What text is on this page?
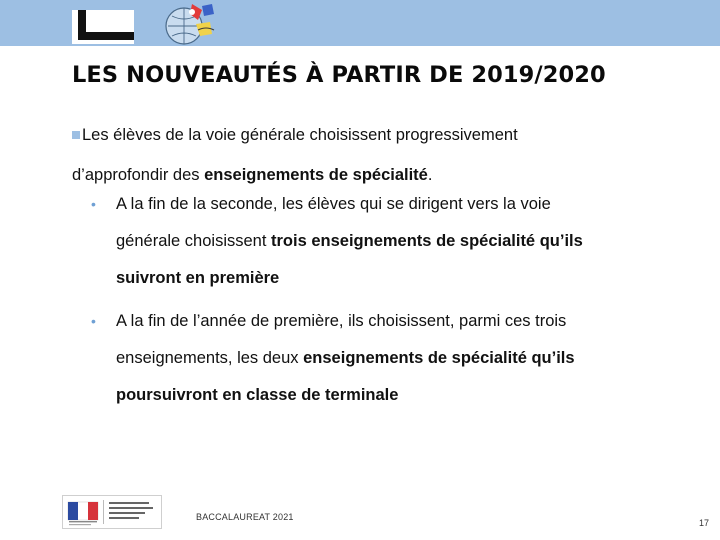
LES NOUVEAUTÉS À PARTIR DE 2019/2020

Les élèves de la voie générale choisissent progressivement

d’approfondir des enseignements de spécialité.

• A la fin de la seconde, les élèves qui se dirigent vers la voie

générale choisissent trois enseignements de spécialité qu’ils

suivront en première

• A la fin de l’année de première, ils choisissent, parmi ces trois

enseignements, les deux enseignements de spécialité qu’ils

poursuivront en classe de terminale

BACCALAUREAT 2021
17
